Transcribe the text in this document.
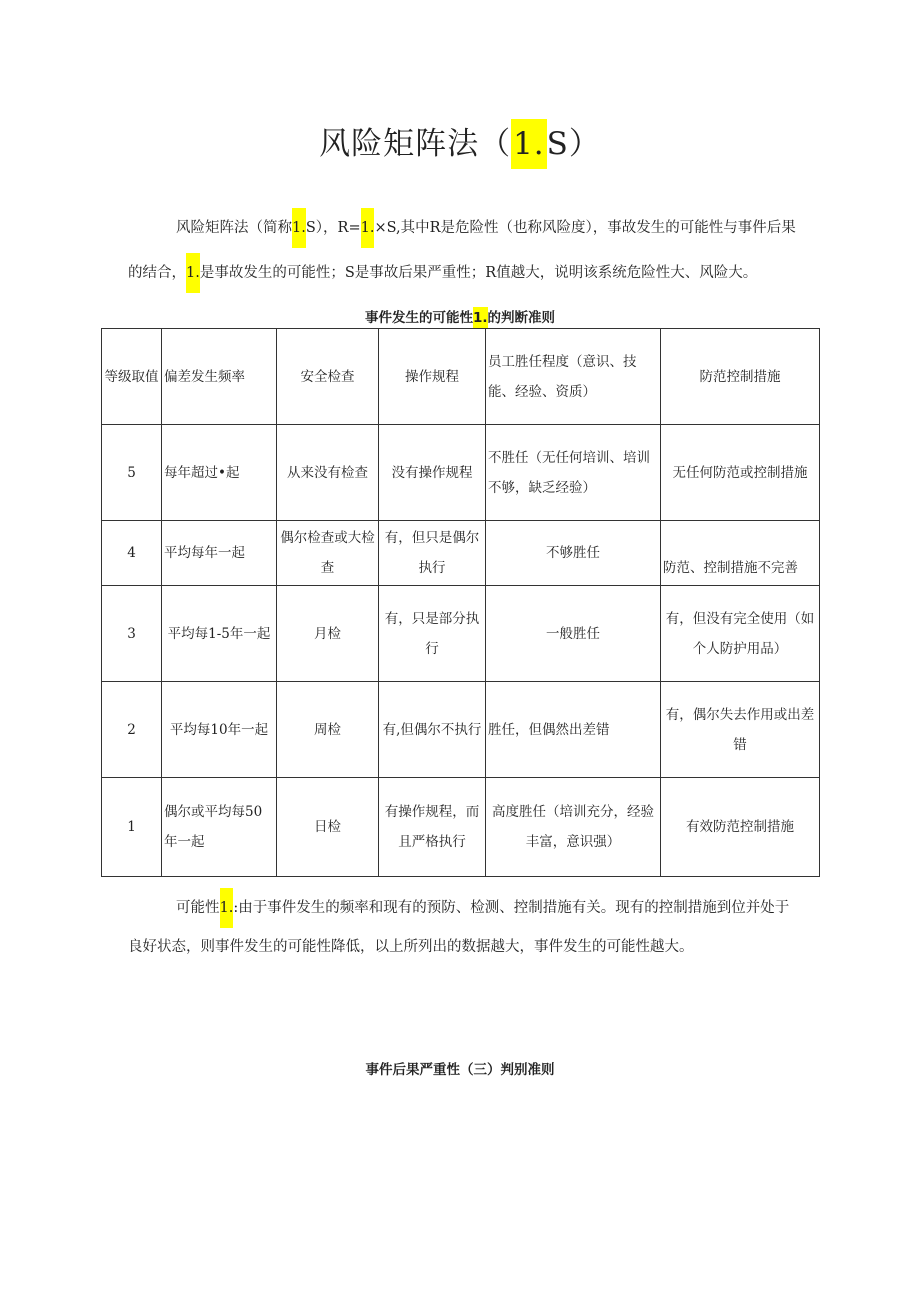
风险矩阵法（1.S）
风险矩阵法（简称1.S），R=1.×S,其中R是危险性（也称风险度），事故发生的可能性与事件后果
的结合，1.是事故发生的可能性；S是事故后果严重性；R值越大，说明该系统危险性大、风险大。
事件发生的可能性1.的判断准则
等级取值	偏差发生频率	安全检查	操作规程	员工胜任程度（意识、技能、经验、资质）	防范控制措施
5	每年超过•起	从来没有检查	没有操作规程	不胜任（无任何培训、培训不够，缺乏经验）	无任何防范或控制措施
4	平均每年一起	偶尔检查或大检查	有，但只是偶尔执行	不够胜任	防范、控制措施不完善
3	平均每1-5年一起	月检	有，只是部分执行	一般胜任	有，但没有完全使用（如个人防护用品）
2	平均每10年一起	周检	有,但偶尔不执行	胜任，但偶然出差错	有，偶尔失去作用或出差错
1	偶尔或平均每50年一起	日检	有操作规程，而且严格执行	高度胜任（培训充分，经验丰富，意识强）	有效防范控制措施
可能性1.:由于事件发生的频率和现有的预防、检测、控制措施有关。现有的控制措施到位并处于
良好状态，则事件发生的可能性降低，以上所列出的数据越大，事件发生的可能性越大。
事件后果严重性（三）判别准则
